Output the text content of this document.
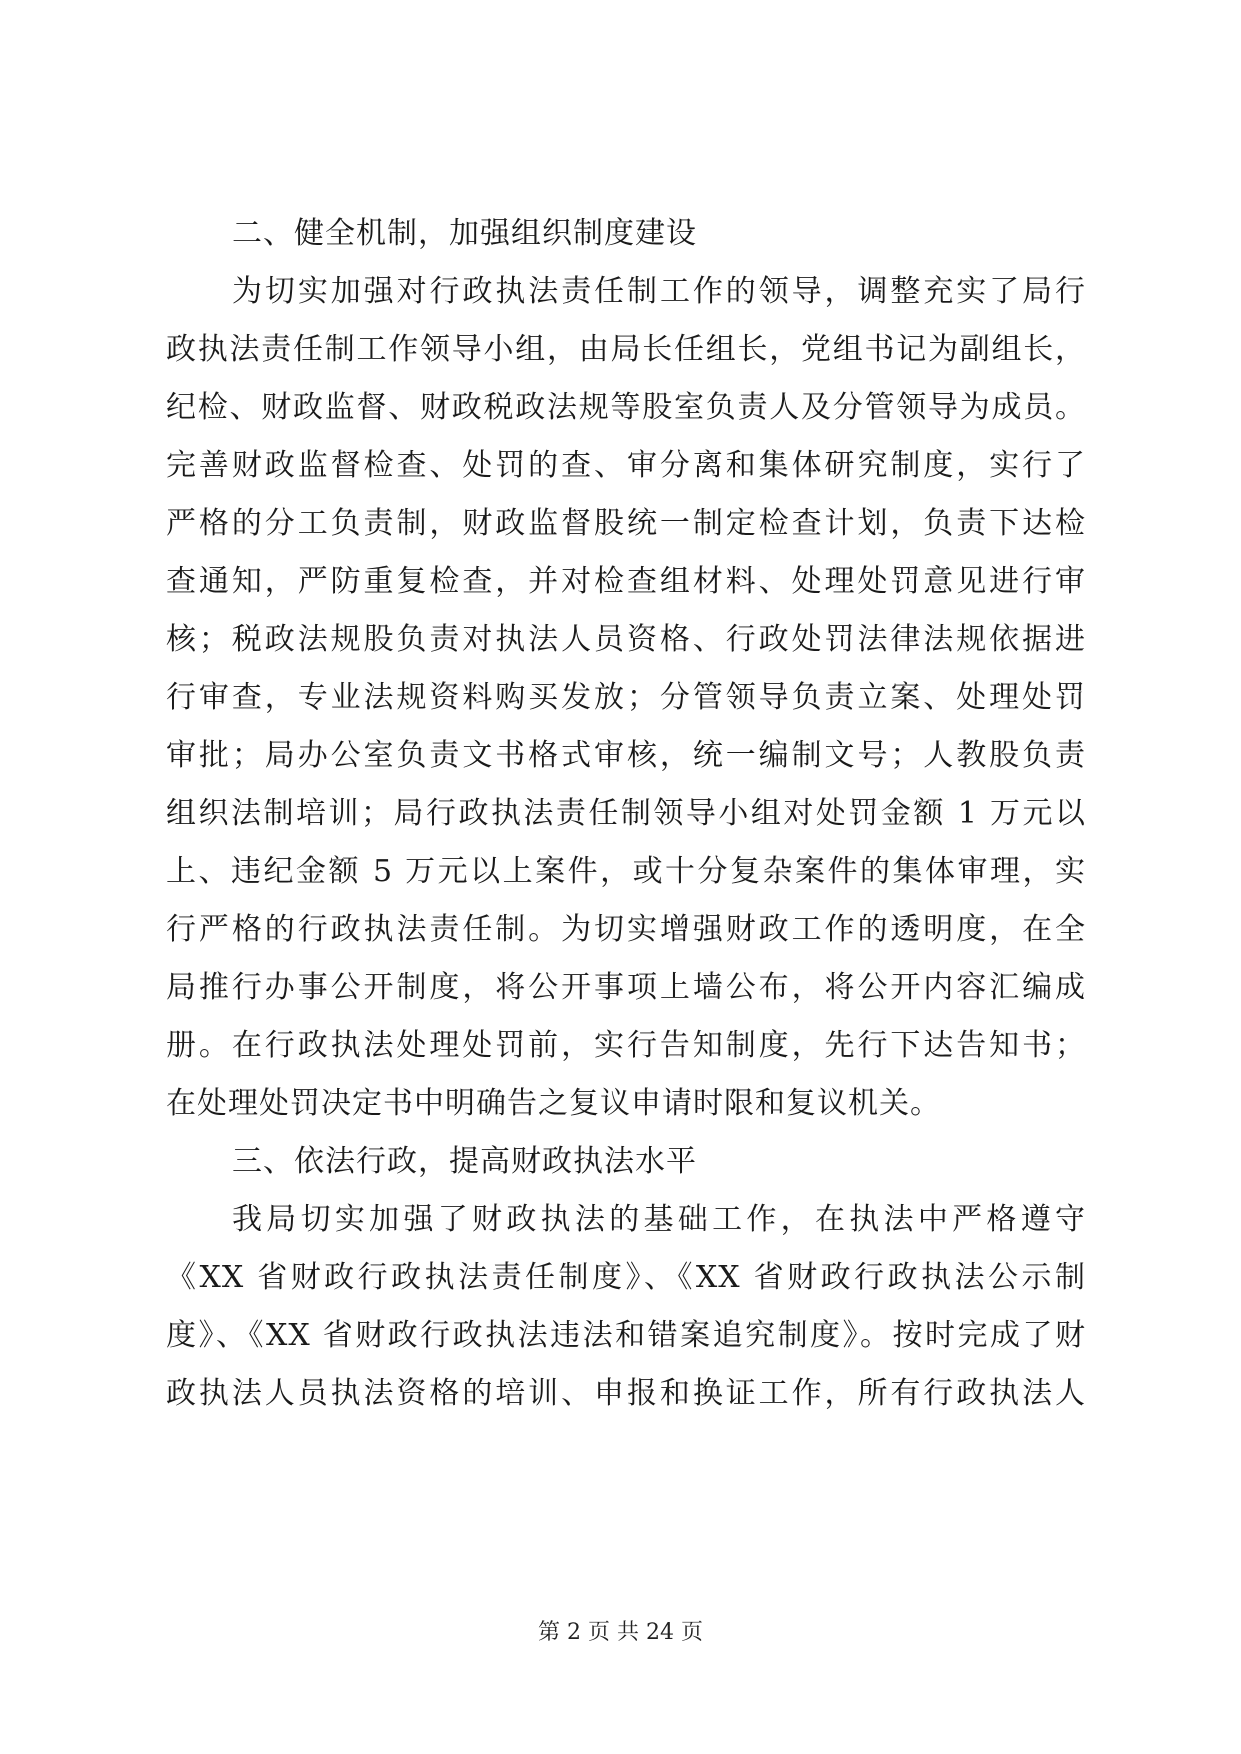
二、健全机制，加强组织制度建设
为切实加强对行政执法责任制工作的领导，调整充实了局行
政执法责任制工作领导小组，由局长任组长，党组书记为副组长，
纪检、财政监督、财政税政法规等股室负责人及分管领导为成员。
完善财政监督检查、处罚的查、审分离和集体研究制度，实行了
严格的分工负责制，财政监督股统一制定检查计划，负责下达检
查通知，严防重复检查，并对检查组材料、处理处罚意见进行审
核；税政法规股负责对执法人员资格、行政处罚法律法规依据进
行审查，专业法规资料购买发放；分管领导负责立案、处理处罚
审批；局办公室负责文书格式审核，统一编制文号；人教股负责
组织法制培训；局行政执法责任制领导小组对处罚金额 1 万元以
上、违纪金额 5 万元以上案件，或十分复杂案件的集体审理，实
行严格的行政执法责任制。为切实增强财政工作的透明度，在全
局推行办事公开制度，将公开事项上墙公布，将公开内容汇编成
册。在行政执法处理处罚前，实行告知制度，先行下达告知书；
在处理处罚决定书中明确告之复议申请时限和复议机关。
三、依法行政，提高财政执法水平
我局切实加强了财政执法的基础工作，在执法中严格遵守
《XX 省财政行政执法责任制度》、《XX 省财政行政执法公示制
度》、《XX 省财政行政执法违法和错案追究制度》。按时完成了财
政执法人员执法资格的培训、申报和换证工作，所有行政执法人
第 2 页 共 24 页
